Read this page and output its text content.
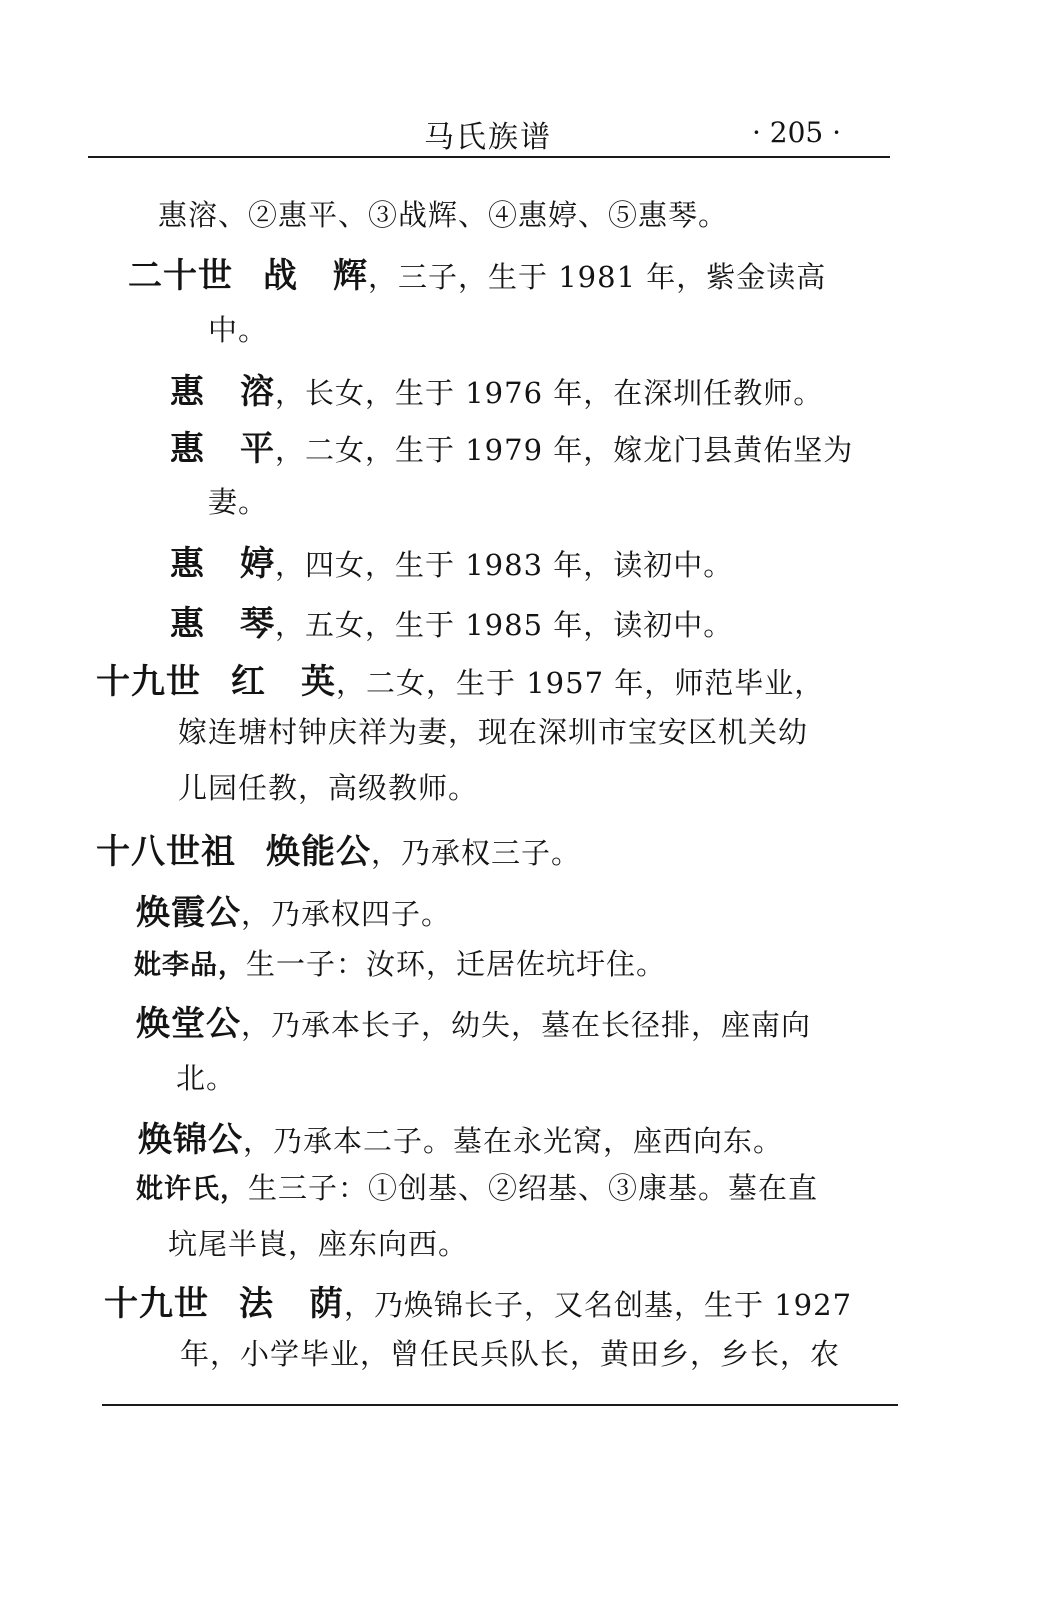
马氏族谱	· 205 ·
惠溶、②惠平、③战辉、④惠婷、⑤惠琴。
二十世　 战　辉，三子，生于 1981 年，紫金读高
中。
惠　溶，长女，生于 1976 年，在深圳任教师。
惠　平，二女，生于 1979 年，嫁龙门县黄佑坚为
妻。
惠　婷，四女，生于 1983 年，读初中。
惠　琴，五女，生于 1985 年，读初中。
十九世　 红　英，二女，生于 1957 年，师范毕业，
嫁连塘村钟庆祥为妻，现在深圳市宝安区机关幼
儿园任教，高级教师。
十八世祖　 焕能公，乃承权三子。
焕霞公，乃承权四子。
妣李品，生一子：汝环，迁居佐坑圩住。
焕堂公，乃承本长子，幼失，墓在长径排，座南向
北。
焕锦公，乃承本二子。墓在永光窝，座西向东。
妣许氏，生三子：①创基、②绍基、③康基。墓在直
坑尾半崀，座东向西。
十九世　 法　荫，乃焕锦长子，又名创基，生于 1927
年，小学毕业，曾任民兵队长，黄田乡，乡长，农
